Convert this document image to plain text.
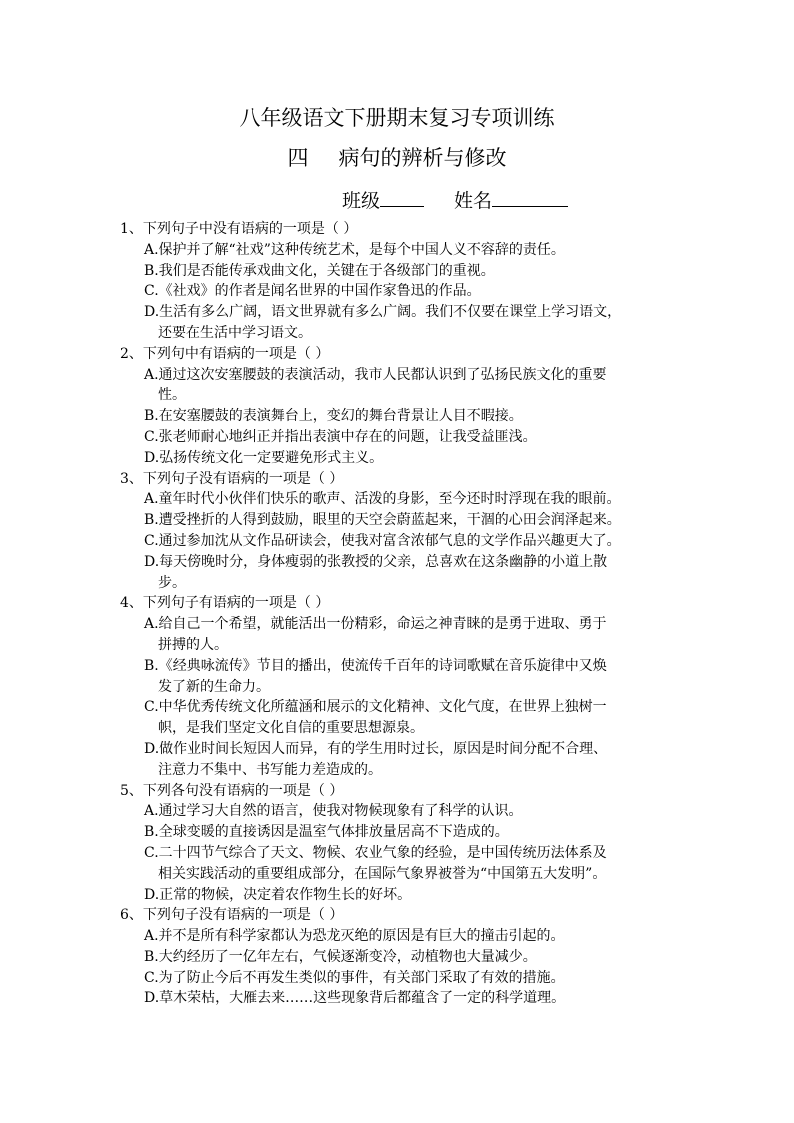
八年级语文下册期末复习专项训练
四 病句的辨析与修改
班级	姓名
1、下列句子中没有语病的一项是（ ）
A.保护并了解“社戏”这种传统艺术，是每个中国人义不容辞的责任。
B.我们是否能传承戏曲文化，关键在于各级部门的重视。
C.《社戏》的作者是闻名世界的中国作家鲁迅的作品。
D.生活有多么广阔，语文世界就有多么广阔。我们不仅要在课堂上学习语文，
还要在生活中学习语文。
2、下列句中有语病的一项是（ ）
A.通过这次安塞腰鼓的表演活动，我市人民都认识到了弘扬民族文化的重要
性。
B.在安塞腰鼓的表演舞台上，变幻的舞台背景让人目不暇接。
C.张老师耐心地纠正并指出表演中存在的问题，让我受益匪浅。
D.弘扬传统文化一定要避免形式主义。
3、下列句子没有语病的一项是（ ）
A.童年时代小伙伴们快乐的歌声、活泼的身影，至今还时时浮现在我的眼前。
B.遭受挫折的人得到鼓励，眼里的天空会蔚蓝起来，干涸的心田会润泽起来。
C.通过参加沈从文作品研读会，使我对富含浓郁气息的文学作品兴趣更大了。
D.每天傍晚时分，身体瘦弱的张教授的父亲，总喜欢在这条幽静的小道上散
步。
4、下列句子有语病的一项是（ ）
A.给自己一个希望，就能活出一份精彩，命运之神青睐的是勇于进取、勇于
拼搏的人。
B.《经典咏流传》节目的播出，使流传千百年的诗词歌赋在音乐旋律中又焕
发了新的生命力。
C.中华优秀传统文化所蕴涵和展示的文化精神、文化气度，在世界上独树一
帜，是我们坚定文化自信的重要思想源泉。
D.做作业时间长短因人而异，有的学生用时过长，原因是时间分配不合理、
注意力不集中、书写能力差造成的。
5、下列各句没有语病的一项是（ ）
A.通过学习大自然的语言，使我对物候现象有了科学的认识。
B.全球变暖的直接诱因是温室气体排放量居高不下造成的。
C.二十四节气综合了天文、物候、农业气象的经验，是中国传统历法体系及
相关实践活动的重要组成部分，在国际气象界被誉为“中国第五大发明”。
D.正常的物候，决定着农作物生长的好坏。
6、下列句子没有语病的一项是（ ）
A.并不是所有科学家都认为恐龙灭绝的原因是有巨大的撞击引起的。
B.大约经历了一亿年左右，气候逐渐变冷，动植物也大量减少。
C.为了防止今后不再发生类似的事件，有关部门采取了有效的措施。
D.草木荣枯，大雁去来……这些现象背后都蕴含了一定的科学道理。
